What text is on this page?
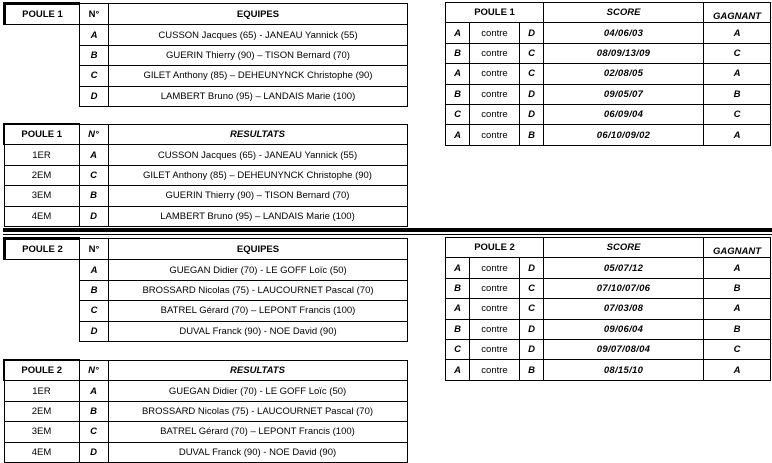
POULE 1	N°	EQUIPES
	A	CUSSON Jacques (65) - JANEAU Yannick (55)
	B	GUERIN Thierry (90) – TISON Bernard (70)
	C	GILET Anthony (85) – DEHEUNYNCK Christophe (90)
	D	LAMBERT Bruno (95) – LANDAIS Marie (100)
POULE 1	N°	RESULTATS
1ER	A	CUSSON Jacques (65) - JANEAU Yannick (55)
2EM	C	GILET Anthony (85) – DEHEUNYNCK Christophe (90)
3EM	B	GUERIN Thierry (90) – TISON Bernard (70)
4EM	D	LAMBERT Bruno (95) – LANDAIS Marie (100)
POULE 1			SCORE	GAGNANT
A	contre	D	04/06/03	A
B	contre	C	08/09/13/09	C
A	contre	C	02/08/05	A
B	contre	D	09/05/07	B
C	contre	D	06/09/04	C
A	contre	B	06/10/09/02	A
POULE 2	N°	EQUIPES
	A	GUEGAN Didier (70) - LE GOFF Loïc (50)
	B	BROSSARD Nicolas (75) - LAUCOURNET Pascal (70)
	C	BATREL Gérard (70) – LEPONT Francis (100)
	D	DUVAL Franck (90) - NOE David (90)
POULE 2	N°	RESULTATS
1ER	A	GUEGAN Didier (70) - LE GOFF Loïc (50)
2EM	B	BROSSARD Nicolas (75) - LAUCOURNET Pascal (70)
3EM	C	BATREL Gérard (70) – LEPONT Francis (100)
4EM	D	DUVAL Franck (90) - NOE David (90)
POULE 2			SCORE	GAGNANT
A	contre	D	05/07/12	A
B	contre	C	07/10/07/06	B
A	contre	C	07/03/08	A
B	contre	D	09/06/04	B
C	contre	D	09/07/08/04	C
A	contre	B	08/15/10	A
